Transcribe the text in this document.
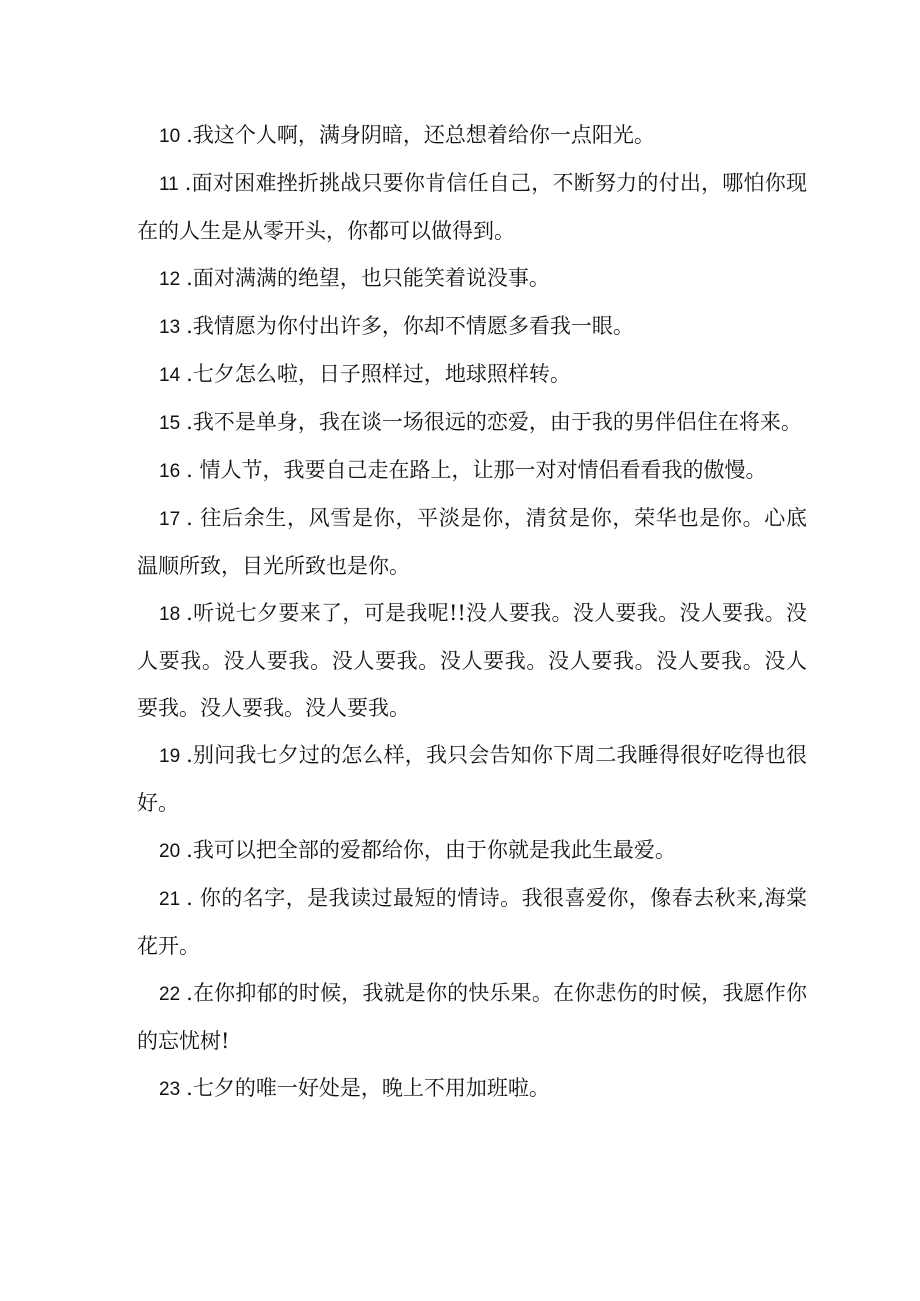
10 .我这个人啊，满身阴暗，还总想着给你一点阳光。

11 .面对困难挫折挑战只要你肯信任自己，不断努力的付出，哪怕你现在的人生是从零开头，你都可以做得到。

12 .面对满满的绝望，也只能笑着说没事。

13 .我情愿为你付出许多，你却不情愿多看我一眼。

14 .七夕怎么啦，日子照样过，地球照样转。

15 .我不是单身，我在谈一场很远的恋爱，由于我的男伴侣住在将来。

16 . 情人节，我要自己走在路上，让那一对对情侣看看我的傲慢。

17 . 往后余生，风雪是你，平淡是你，清贫是你，荣华也是你。心底温顺所致，目光所致也是你。

18 .听说七夕要来了，可是我呢!!没人要我。没人要我。没人要我。没人要我。没人要我。没人要我。没人要我。没人要我。没人要我。没人要我。没人要我。没人要我。

19 .别问我七夕过的怎么样，我只会告知你下周二我睡得很好吃得也很好。

20 .我可以把全部的爱都给你，由于你就是我此生最爱。

21 . 你的名字，是我读过最短的情诗。我很喜爱你，像春去秋来,海棠花开。

22 .在你抑郁的时候，我就是你的快乐果。在你悲伤的时候，我愿作你的忘忧树!

23 .七夕的唯一好处是，晚上不用加班啦。
